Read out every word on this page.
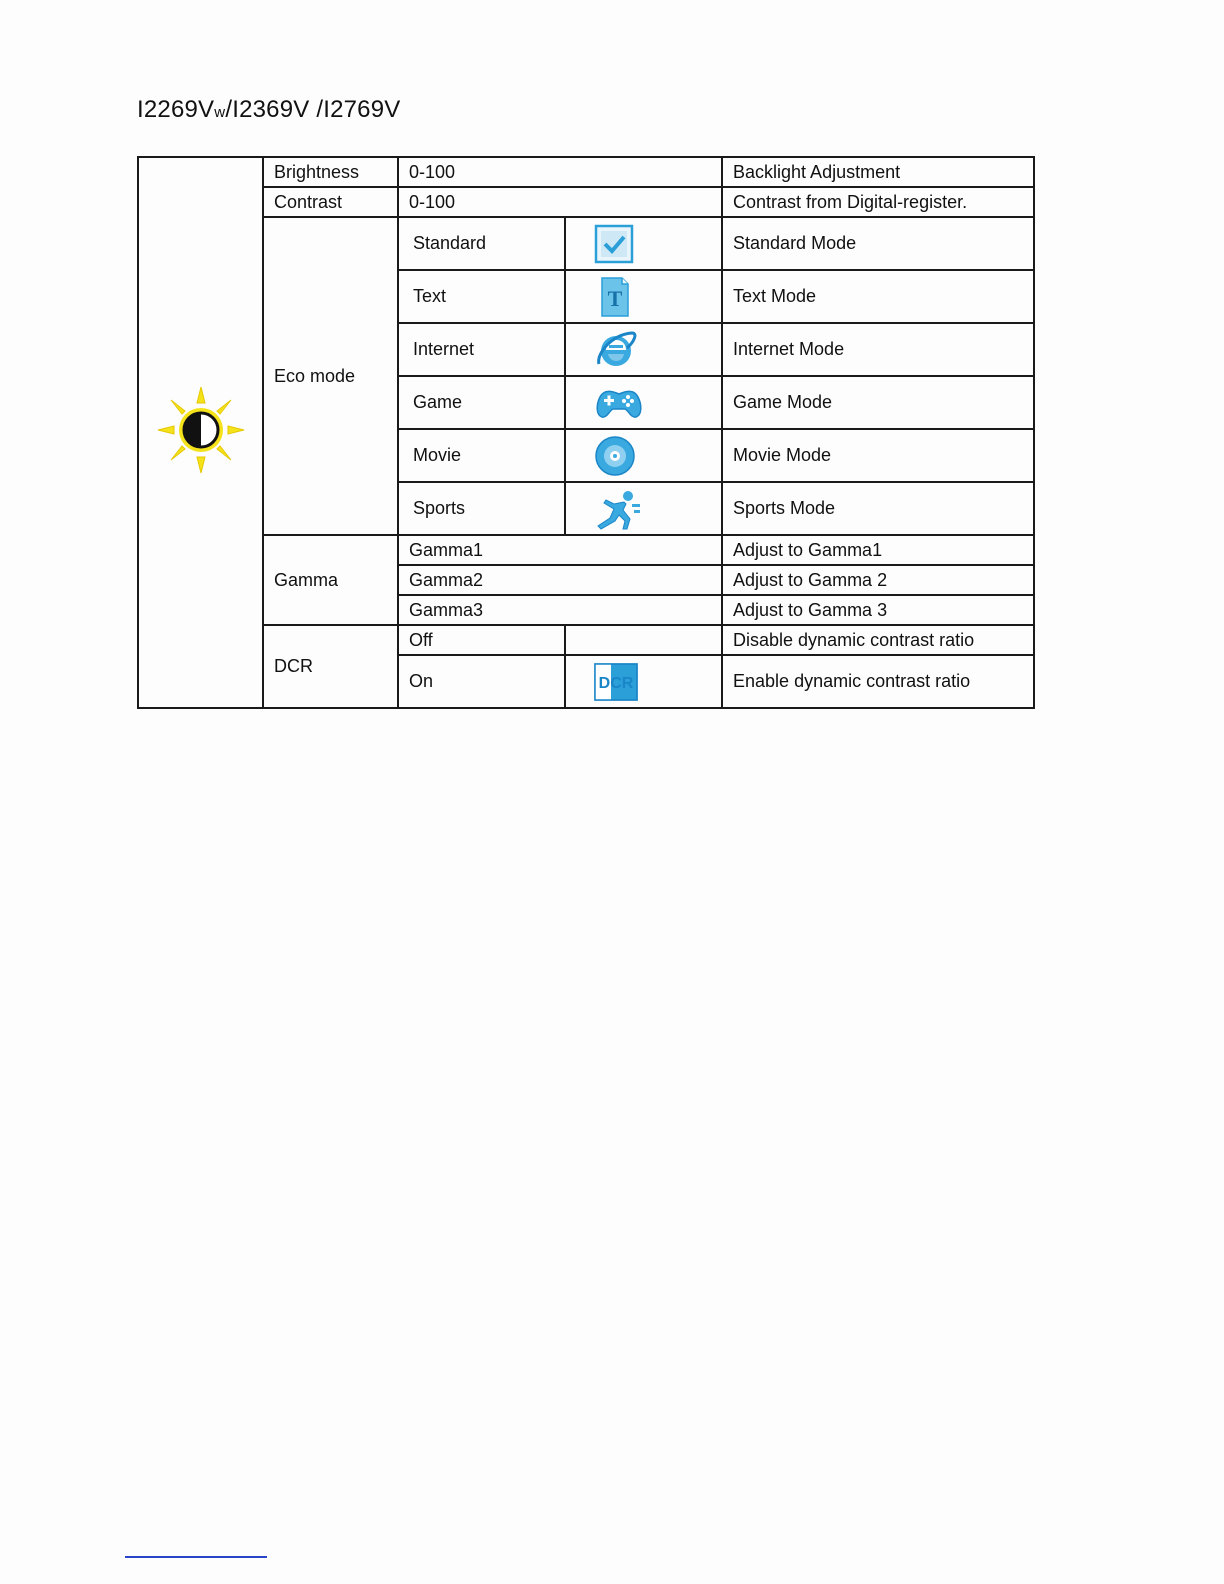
I2269Vw/I2369V /I2769V
	Brightness	0-100		Backlight Adjustment
	Contrast	0-100		Contrast from Digital-register.
	Eco mode	Standard		Standard Mode
		Text	T	Text Mode
		Internet		Internet Mode
		Game		Game Mode
		Movie		Movie Mode
		Sports		Sports Mode
	Gamma	Gamma1		Adjust to Gamma1
		Gamma2		Adjust to Gamma 2
		Gamma3		Adjust to Gamma 3
	DCR	Off		Disable dynamic contrast ratio
		On	DCR	Enable dynamic contrast ratio
